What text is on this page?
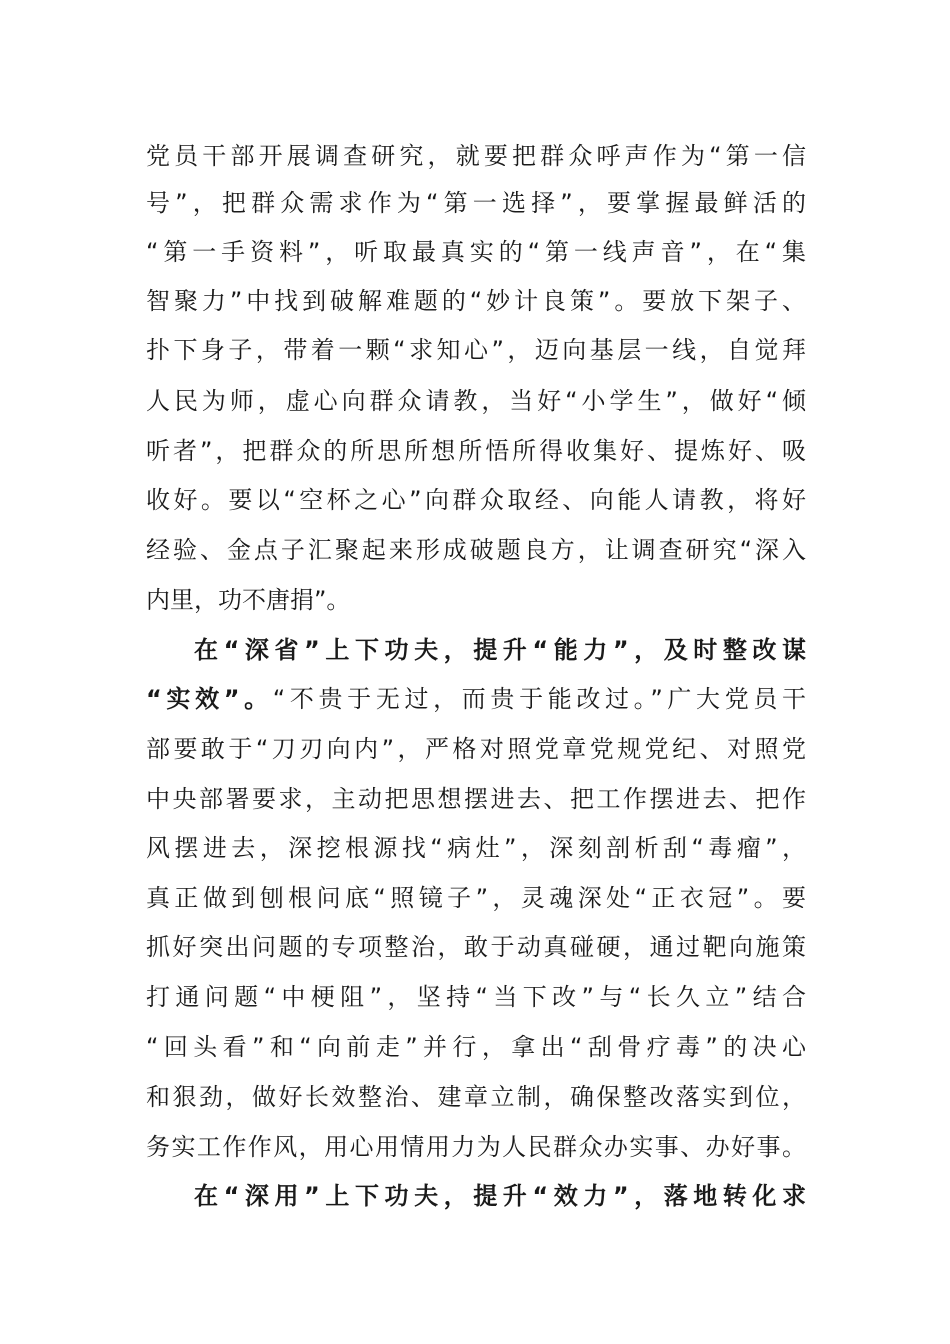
党员干部开展调查研究，就要把群众呼声作为“第一信
号”，把群众需求作为“第一选择”，要掌握最鲜活的
“第一手资料”，听取最真实的“第一线声音”，在“集
智聚力”中找到破解难题的“妙计良策”。要放下架子、
扑下身子，带着一颗“求知心”，迈向基层一线，自觉拜
人民为师，虚心向群众请教，当好“小学生”，做好“倾
听者”，把群众的所思所想所悟所得收集好、提炼好、吸
收好。要以“空杯之心”向群众取经、向能人请教，将好
经验、金点子汇聚起来形成破题良方，让调查研究“深入
内里，功不唐捐”。
在“深省”上下功夫，提升“能力”，及时整改谋
“实效”。“不贵于无过，而贵于能改过。”广大党员干
部要敢于“刀刃向内”，严格对照党章党规党纪、对照党
中央部署要求，主动把思想摆进去、把工作摆进去、把作
风摆进去，深挖根源找“病灶”，深刻剖析刮“毒瘤”，
真正做到刨根问底“照镜子”，灵魂深处“正衣冠”。要
抓好突出问题的专项整治，敢于动真碰硬，通过靶向施策
打通问题“中梗阻”，坚持“当下改”与“长久立”结合
“回头看”和“向前走”并行，拿出“刮骨疗毒”的决心
和狠劲，做好长效整治、建章立制，确保整改落实到位，
务实工作作风，用心用情用力为人民群众办实事、办好事。
在“深用”上下功夫，提升“效力”，落地转化求
